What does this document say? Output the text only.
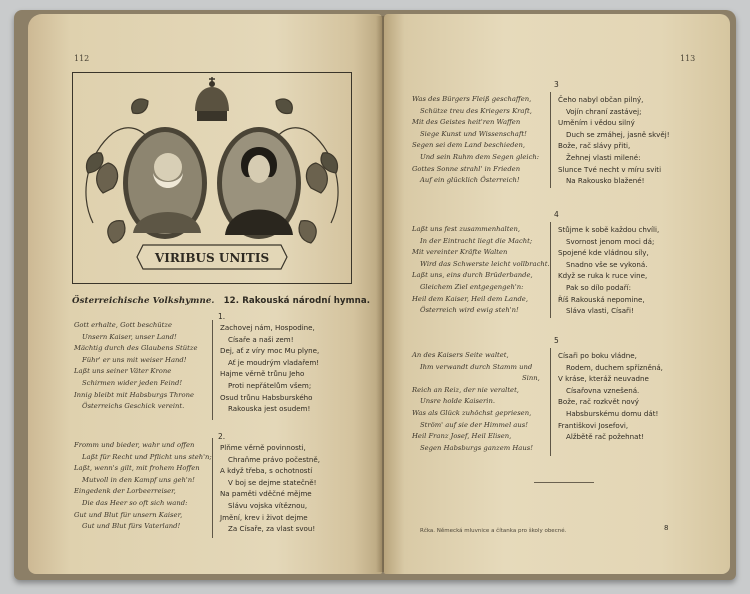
112
VIRIBUS UNITIS
Österreichische Volkshymne. 12. Rakouská národní hymna.
1.
Gott erhalte, Gott beschütze
Unsern Kaiser, unser Land!
Mächtig durch des Glaubens Stütze
Führ' er uns mit weiser Hand!
Laßt uns seiner Väter Krone
Schirmen wider jeden Feind!
Innig bleibt mit Habsburgs Throne
Österreichs Geschick vereint.
Zachovej nám, Hospodine,
Císaře a naši zem!
Dej, ať z víry moc Mu plyne,
Ať je moudrým vladařem!
Hajme věrně trůnu Jeho
Proti nepřátelům všem;
Osud trůnu Habsburského
Rakouska jest osudem!
2.
Fromm und bieder, wahr und offen
Laßt für Recht und Pflicht uns steh'n;
Laßt, wenn's gilt, mit frohem Hoffen
Mutvoll in den Kampf uns geh'n!
Eingedenk der Lorbeerreiser,
Die das Heer so oft sich wand:
Gut und Blut für unsern Kaiser,
Gut und Blut fürs Vaterland!
Plňme věrně povinnosti,
Chraňme právo počestně,
A když třeba, s ochotností
V boj se dejme statečně!
Na paměti vděčné mějme
Slávu vojska vítěznou,
Jmění, krev i život dejme
Za Císaře, za vlast svou!
113
3
Was des Bürgers Fleiß geschaffen,
Schütze treu des Kriegers Kraft,
Mit des Geistes heit'ren Waffen
Siege Kunst und Wissenschaft!
Segen sei dem Land beschieden,
Und sein Ruhm dem Segen gleich:
Gottes Sonne strahl' in Frieden
Auf ein glücklich Österreich!
Čeho nabyl občan pilný,
Vojín chraní zastávej;
Uměním i vědou silný
Duch se zmáhej, jasně skvěj!
Bože, rač slávy přiti,
Žehnej vlasti milené:
Slunce Tvé necht v míru sviti
Na Rakousko blažené!
4
Laßt uns fest zusammenhalten,
In der Eintracht liegt die Macht;
Mit vereinter Kräfte Walten
Wird das Schwerste leicht vollbracht.
Laßt uns, eins durch Brüderbande,
Gleichem Ziel entgegengeh'n:
Heil dem Kaiser, Heil dem Lande,
Österreich wird ewig steh'n!
Stůjme k sobě každou chvíli,
Svornost jenom moci dá;
Spojené kde vládnou síly,
Snadno vše se vykoná.
Když se ruka k ruce vine,
Pak so dílo podaří:
Říš Rakouská nepomine,
Sláva vlasti, Císaři!
5
An des Kaisers Seite waltet,
Ihm verwandt durch Stamm und
Sinn,
Reich an Reiz, der nie veraltet,
Unsre holde Kaiserin.
Was als Glück zuhöchst gepriesen,
Ström' auf sie der Himmel aus!
Heil Franz Josef, Heil Elisen,
Segen Habsburgs ganzem Haus!
Císaři po boku vládne,
Rodem, duchem spřízněná,
V kráse, kteráž neuvadne
Císařovna vznešená.
Bože, rač rozkvět nový
Habsburskému domu dát!
Františkovi Josefovi,
Alžbětě rač požehnat!
Rčka. Německá mluvnice a čítanka pro školy obecné.	8
